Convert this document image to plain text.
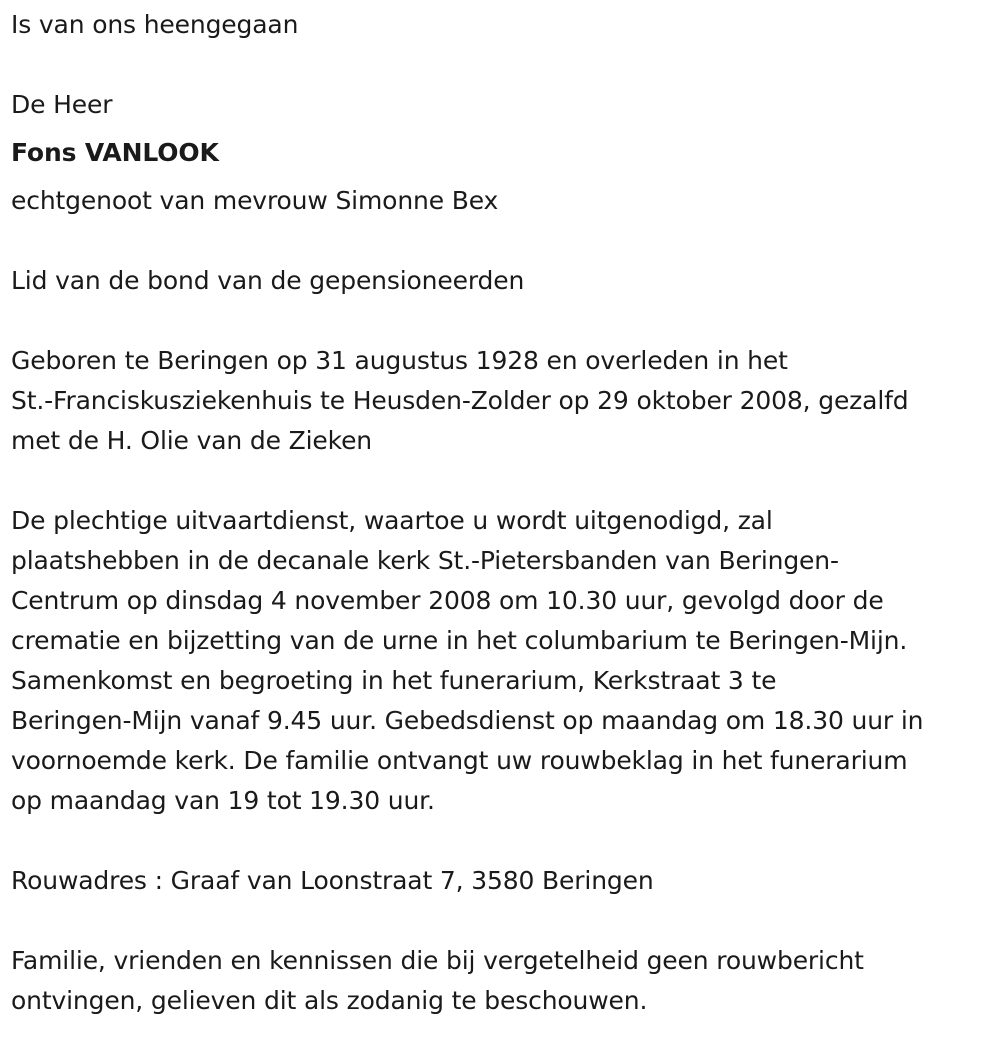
Is van ons heengegaan
De Heer
Fons VANLOOK
echtgenoot van mevrouw Simonne Bex
Lid van de bond van de gepensioneerden
Geboren te Beringen op 31 augustus 1928 en overleden in het
St.-Franciskusziekenhuis te Heusden-Zolder op 29 oktober 2008, gezalfd
met de H. Olie van de Zieken
De plechtige uitvaartdienst, waartoe u wordt uitgenodigd, zal
plaatshebben in de decanale kerk St.-Pietersbanden van Beringen-
Centrum op dinsdag 4 november 2008 om 10.30 uur, gevolgd door de
crematie en bijzetting van de urne in het columbarium te Beringen-Mijn.
Samenkomst en begroeting in het funerarium, Kerkstraat 3 te
Beringen-Mijn vanaf 9.45 uur. Gebedsdienst op maandag om 18.30 uur in
voornoemde kerk. De familie ontvangt uw rouwbeklag in het funerarium
op maandag van 19 tot 19.30 uur.
Rouwadres : Graaf van Loonstraat 7, 3580 Beringen
Familie, vrienden en kennissen die bij vergetelheid geen rouwbericht
ontvingen, gelieven dit als zodanig te beschouwen.
